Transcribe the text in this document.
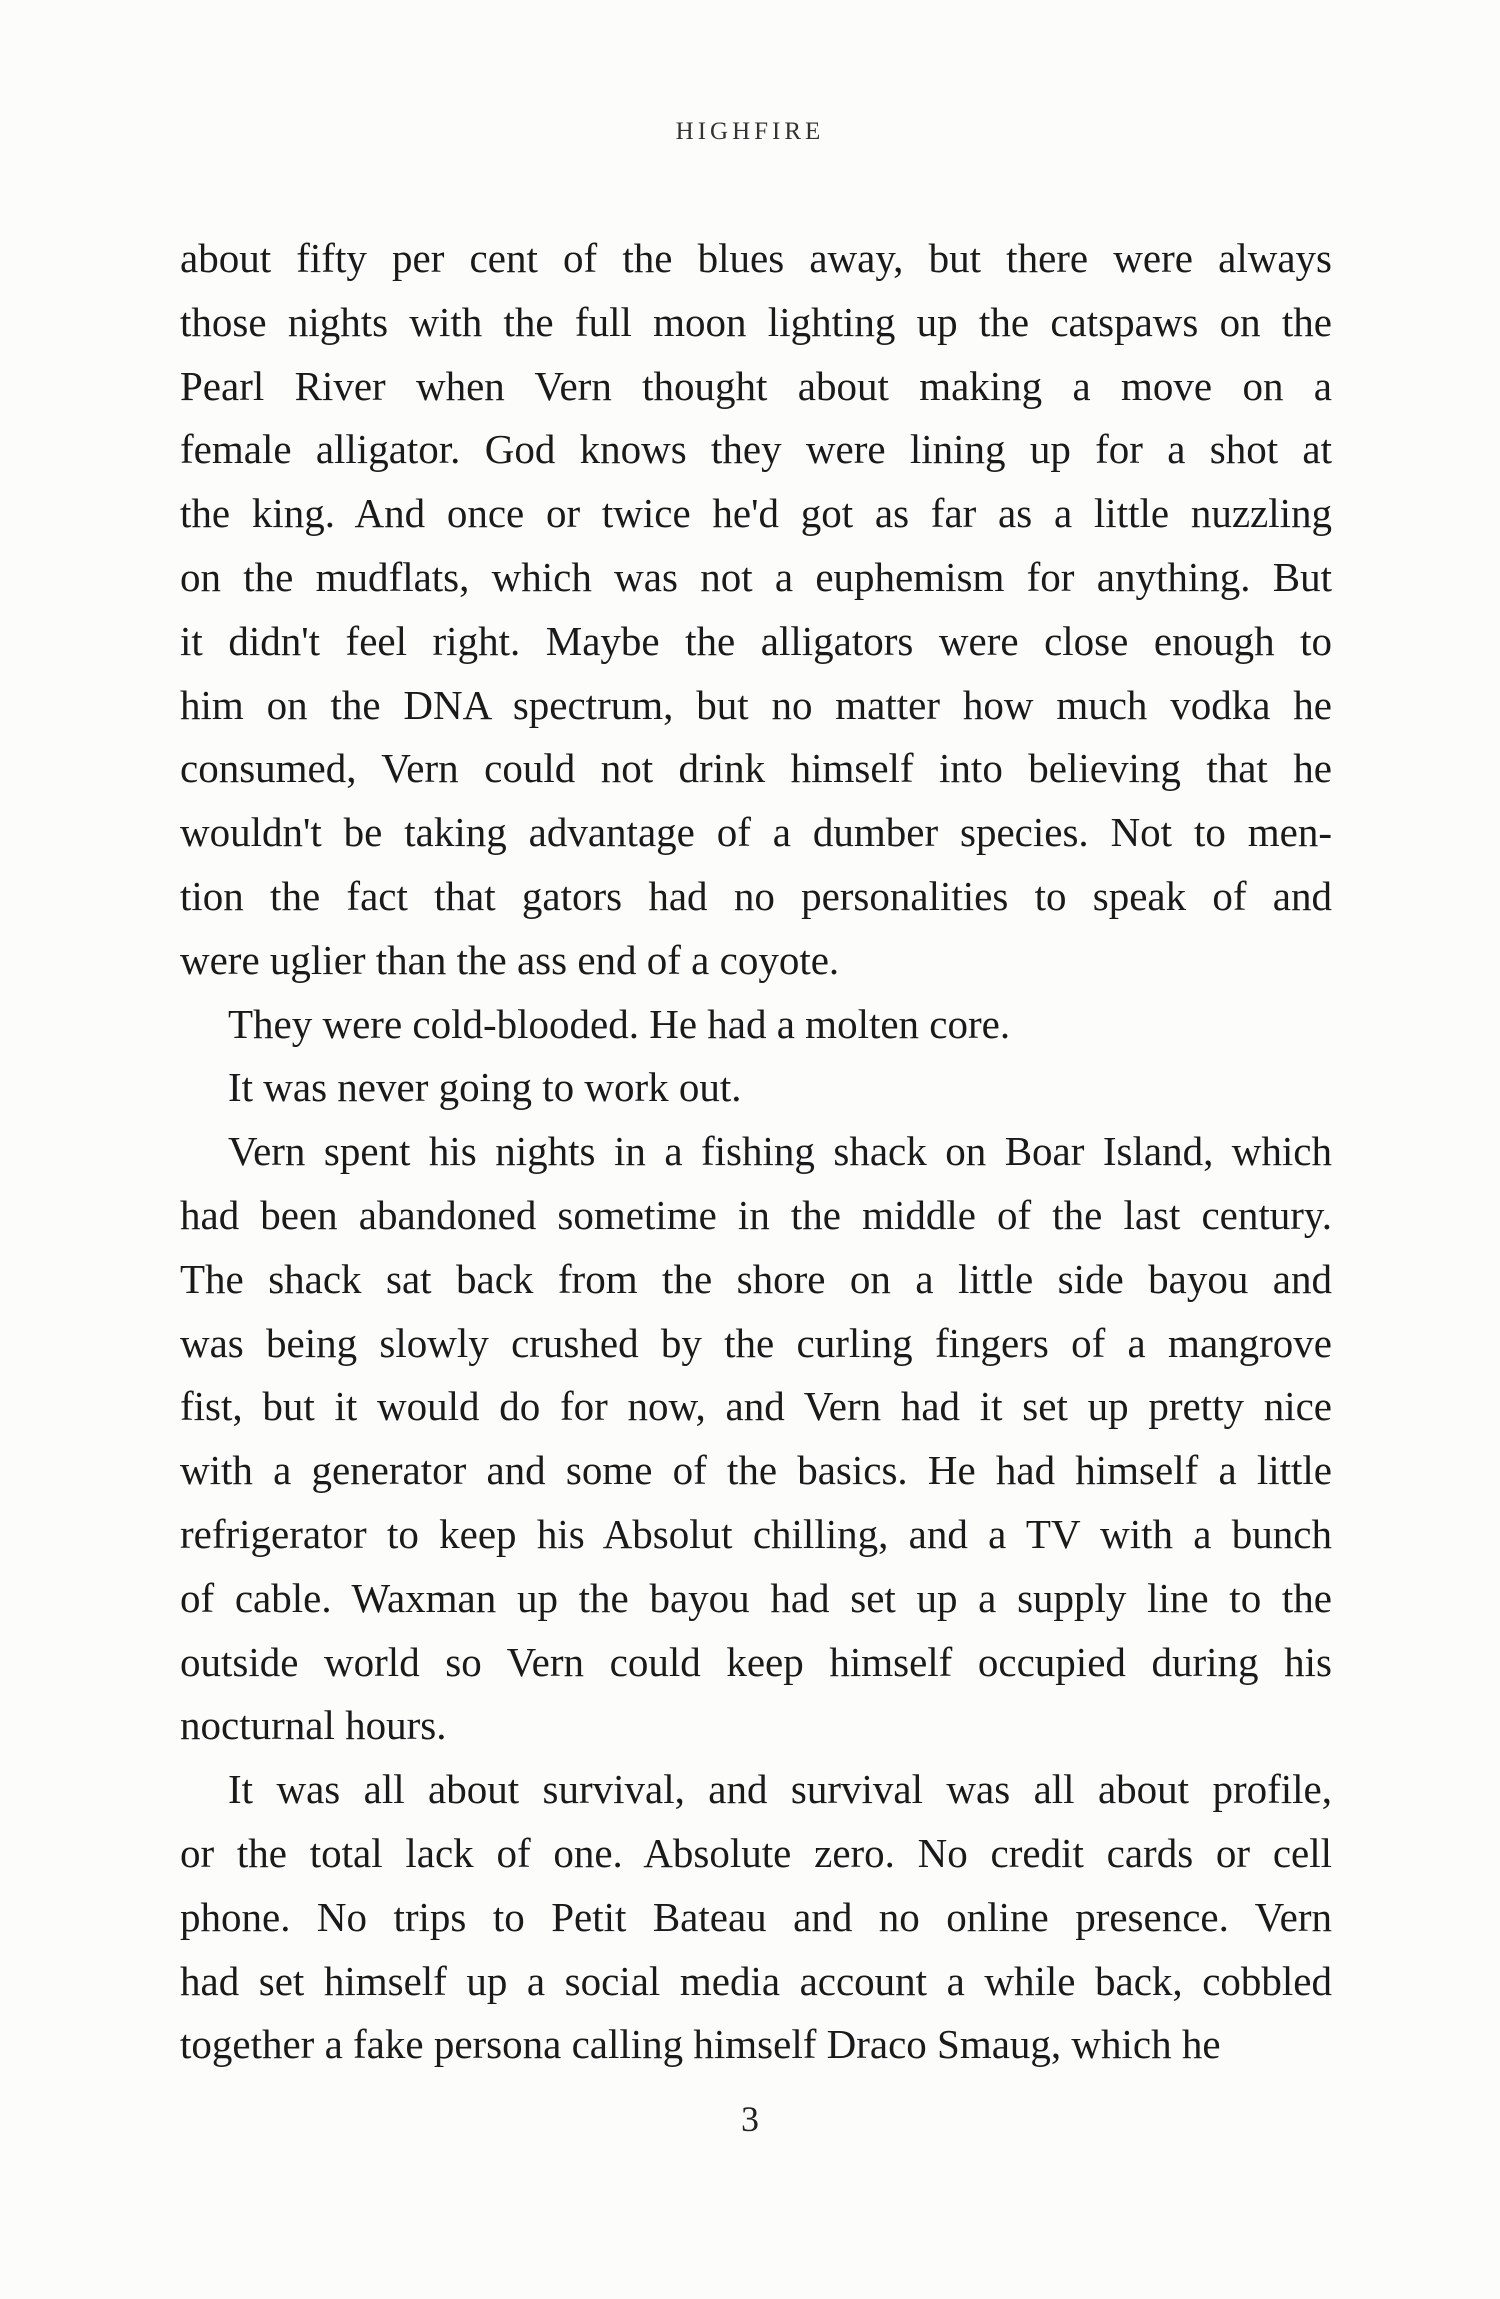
HIGHFIRE

about fifty per cent of the blues away, but there were always
those nights with the full moon lighting up the catspaws on the
Pearl River when Vern thought about making a move on a
female alligator. God knows they were lining up for a shot at
the king. And once or twice he'd got as far as a little nuzzling
on the mudflats, which was not a euphemism for anything. But
it didn't feel right. Maybe the alligators were close enough to
him on the DNA spectrum, but no matter how much vodka he
consumed, Vern could not drink himself into believing that he
wouldn't be taking advantage of a dumber species. Not to men-
tion the fact that gators had no personalities to speak of and
were uglier than the ass end of a coyote.

They were cold-blooded. He had a molten core.

It was never going to work out.

Vern spent his nights in a fishing shack on Boar Island, which
had been abandoned sometime in the middle of the last century.
The shack sat back from the shore on a little side bayou and
was being slowly crushed by the curling fingers of a mangrove
fist, but it would do for now, and Vern had it set up pretty nice
with a generator and some of the basics. He had himself a little
refrigerator to keep his Absolut chilling, and a TV with a bunch
of cable. Waxman up the bayou had set up a supply line to the
outside world so Vern could keep himself occupied during his
nocturnal hours.

It was all about survival, and survival was all about profile,
or the total lack of one. Absolute zero. No credit cards or cell
phone. No trips to Petit Bateau and no online presence. Vern
had set himself up a social media account a while back, cobbled
together a fake persona calling himself Draco Smaug, which he

3
